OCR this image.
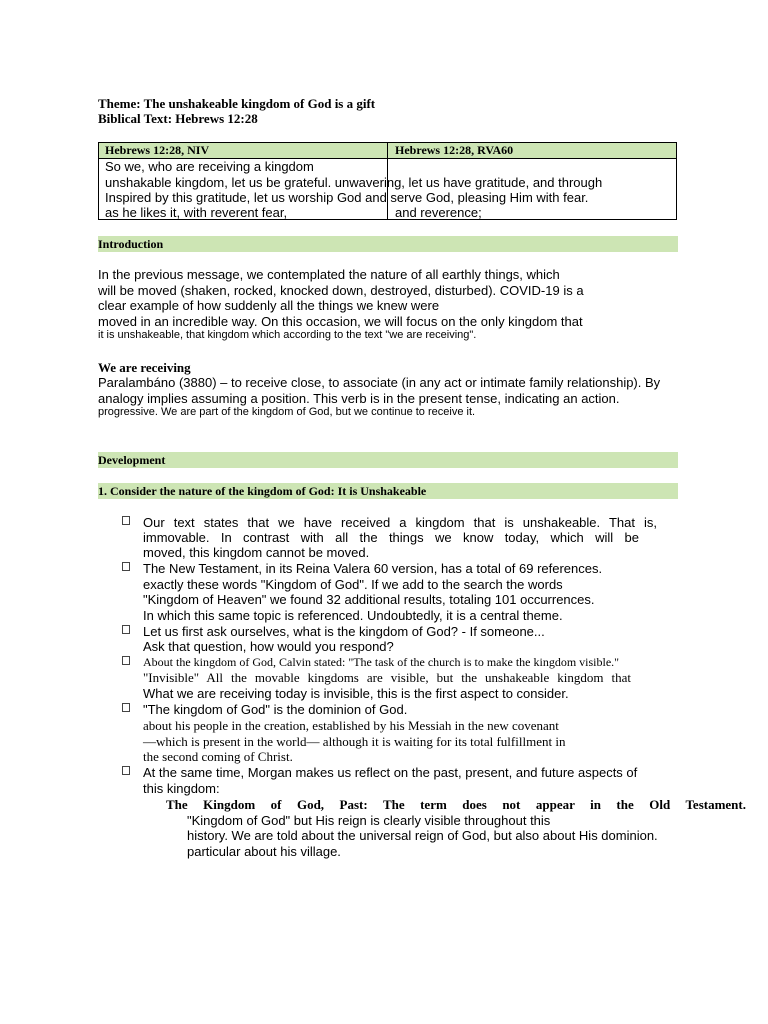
Theme: The unshakeable kingdom of God is a gift
Biblical Text: Hebrews 12:28
Hebrews 12:28, NIV	Hebrews 12:28, RVA60
So we, who are receiving a kingdom
unshakable kingdom, let us be grateful. unwavering, let us have gratitude, and through
Inspired by this gratitude, let us worship God and serve God, pleasing Him with fear.
as he likes it, with reverent fear,	and reverence;
Introduction
In the previous message, we contemplated the nature of all earthly things, which
will be moved (shaken, rocked, knocked down, destroyed, disturbed). COVID-19 is a
clear example of how suddenly all the things we knew were
moved in an incredible way. On this occasion, we will focus on the only kingdom that
it is unshakeable, that kingdom which according to the text "we are receiving".
We are receiving
Paralambáno (3880) – to receive close, to associate (in any act or intimate family relationship). By
analogy implies assuming a position. This verb is in the present tense, indicating an action.
progressive. We are part of the kingdom of God, but we continue to receive it.
Development
1. Consider the nature of the kingdom of God: It is Unshakeable
Our text states that we have received a kingdom that is unshakeable. That is,
immovable. In contrast with all the things we know today, which will be
moved, this kingdom cannot be moved.
The New Testament, in its Reina Valera 60 version, has a total of 69 references.
exactly these words "Kingdom of God". If we add to the search the words
"Kingdom of Heaven" we found 32 additional results, totaling 101 occurrences.
In which this same topic is referenced. Undoubtedly, it is a central theme.
Let us first ask ourselves, what is the kingdom of God? - If someone...
Ask that question, how would you respond?
About the kingdom of God, Calvin stated: "The task of the church is to make the kingdom visible."
"Invisible" All the movable kingdoms are visible, but the unshakeable kingdom that
What we are receiving today is invisible, this is the first aspect to consider.
"The kingdom of God" is the dominion of God.
about his people in the creation, established by his Messiah in the new covenant
—which is present in the world— although it is waiting for its total fulfillment in
the second coming of Christ.
At the same time, Morgan makes us reflect on the past, present, and future aspects of
this kingdom:
The Kingdom of God, Past: The term does not appear in the Old Testament.
"Kingdom of God" but His reign is clearly visible throughout this
history. We are told about the universal reign of God, but also about His dominion.
particular about his village.
